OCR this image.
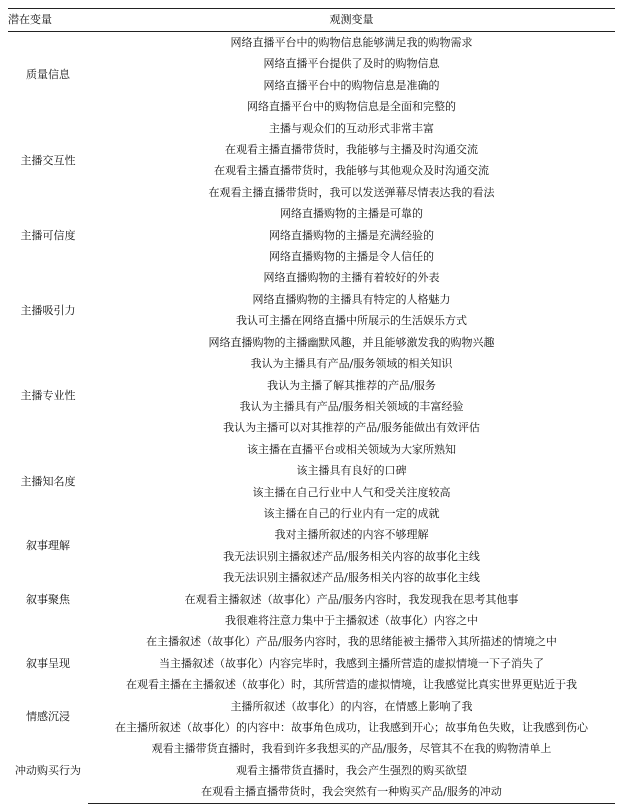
潜在变量	观测变量
质量信息	网络直播平台中的购物信息能够满足我的购物需求
	网络直播平台提供了及时的购物信息
	网络直播平台中的购物信息是准确的
	网络直播平台中的购物信息是全面和完整的
主播交互性	主播与观众们的互动形式非常丰富
	在观看主播直播带货时，我能够与主播及时沟通交流
	在观看主播直播带货时，我能够与其他观众及时沟通交流
	在观看主播直播带货时，我可以发送弹幕尽情表达我的看法
主播可信度	网络直播购物的主播是可靠的
	网络直播购物的主播是充满经验的
	网络直播购物的主播是令人信任的
主播吸引力	网络直播购物的主播有着较好的外表
	网络直播购物的主播具有特定的人格魅力
	我认可主播在网络直播中所展示的生活娱乐方式
	网络直播购物的主播幽默风趣，并且能够激发我的购物兴趣
主播专业性	我认为主播具有产品/服务领域的相关知识
	我认为主播了解其推荐的产品/服务
	我认为主播具有产品/服务相关领域的丰富经验
	我认为主播可以对其推荐的产品/服务能做出有效评估
主播知名度	该主播在直播平台或相关领域为大家所熟知
	该主播具有良好的口碑
	该主播在自己行业中人气和受关注度较高
	该主播在自己的行业内有一定的成就
叙事理解	我对主播所叙述的内容不够理解
	我无法识别主播叙述产品/服务相关内容的故事化主线
叙事聚焦	我无法识别主播叙述产品/服务相关内容的故事化主线
	在观看主播叙述（故事化）产品/服务内容时，我发现我在思考其他事
	我很难将注意力集中于主播叙述（故事化）内容之中
叙事呈现	在主播叙述（故事化）产品/服务内容时，我的思绪能被主播带入其所描述的情境之中
	当主播叙述（故事化）内容完毕时，我感到主播所营造的虚拟情境一下子消失了
	在观看主播在主播叙述（故事化）时，其所营造的虚拟情境，让我感觉比真实世界更贴近于我
情感沉浸	主播所叙述（故事化）的内容，在情感上影响了我
	在主播所叙述（故事化）的内容中：故事角色成功，让我感到开心；故事角色失败，让我感到伤心
冲动购买行为	观看主播带货直播时，我看到许多我想买的产品/服务，尽管其不在我的购物清单上
	观看主播带货直播时，我会产生强烈的购买欲望
	在观看主播直播带货时，我会突然有一种购买产品/服务的冲动
